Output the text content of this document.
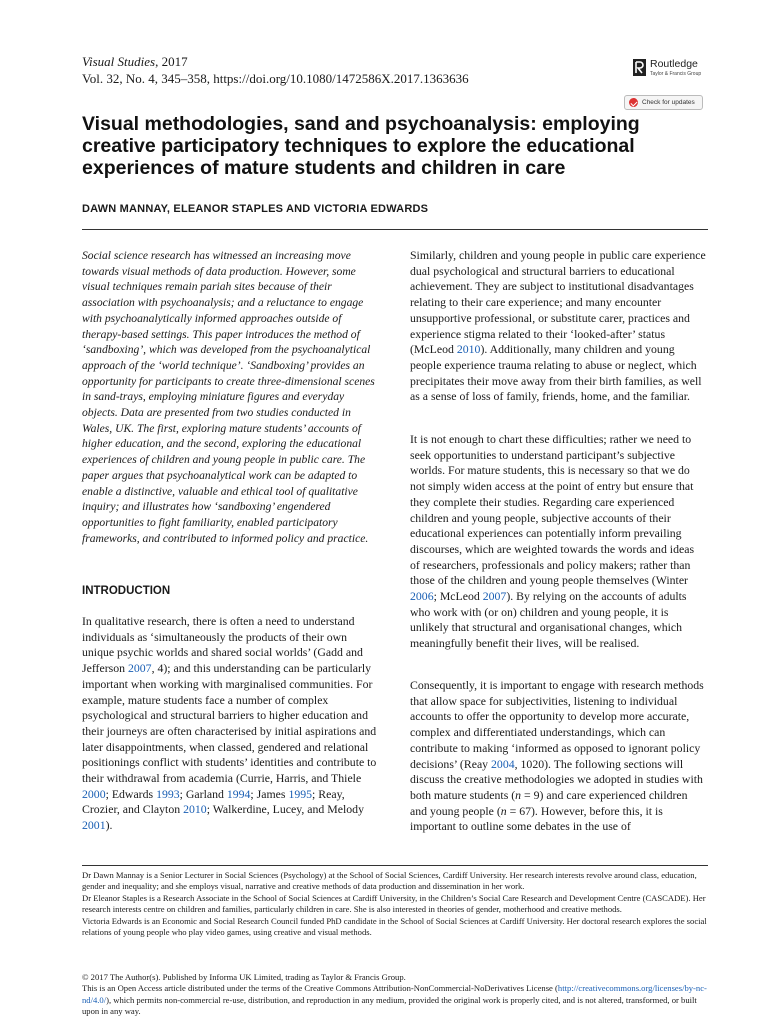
Visual Studies, 2017
Vol. 32, No. 4, 345–358, https://doi.org/10.1080/1472586X.2017.1363636
Routledge
Taylor & Francis Group
Check for updates
Visual methodologies, sand and psychoanalysis: employing creative participatory techniques to explore the educational experiences of mature students and children in care
DAWN MANNAY, ELEANOR STAPLES AND VICTORIA EDWARDS
Social science research has witnessed an increasing move towards visual methods of data production. However, some visual techniques remain pariah sites because of their association with psychoanalysis; and a reluctance to engage with psychoanalytically informed approaches outside of therapy-based settings. This paper introduces the method of ‘sandboxing’, which was developed from the psychoanalytical approach of the ‘world technique’. ‘Sandboxing’ provides an opportunity for participants to create three-dimensional scenes in sand-trays, employing miniature figures and everyday objects. Data are presented from two studies conducted in Wales, UK. The first, exploring mature students’ accounts of higher education, and the second, exploring the educational experiences of children and young people in public care. The paper argues that psychoanalytical work can be adapted to enable a distinctive, valuable and ethical tool of qualitative inquiry; and illustrates how ‘sandboxing’ engendered opportunities to fight familiarity, enabled participatory frameworks, and contributed to informed policy and practice.
INTRODUCTION
In qualitative research, there is often a need to understand individuals as ‘simultaneously the products of their own unique psychic worlds and shared social worlds’ (Gadd and Jefferson 2007, 4); and this understanding can be particularly important when working with marginalised communities. For example, mature students face a number of complex psychological and structural barriers to higher education and their journeys are often characterised by initial aspirations and later disappointments, when classed, gendered and relational positionings conflict with students’ identities and contribute to their withdrawal from academia (Currie, Harris, and Thiele 2000; Edwards 1993; Garland 1994; James 1995; Reay, Crozier, and Clayton 2010; Walkerdine, Lucey, and Melody 2001).
Similarly, children and young people in public care experience dual psychological and structural barriers to educational achievement. They are subject to institutional disadvantages relating to their care experience; and many encounter unsupportive professional, or substitute carer, practices and experience stigma related to their ‘looked-after’ status (McLeod 2010). Additionally, many children and young people experience trauma relating to abuse or neglect, which precipitates their move away from their birth families, as well as a sense of loss of family, friends, home, and the familiar.
It is not enough to chart these difficulties; rather we need to seek opportunities to understand participant’s subjective worlds. For mature students, this is necessary so that we do not simply widen access at the point of entry but ensure that they complete their studies. Regarding care experienced children and young people, subjective accounts of their educational experiences can potentially inform prevailing discourses, which are weighted towards the words and ideas of researchers, professionals and policy makers; rather than those of the children and young people themselves (Winter 2006; McLeod 2007). By relying on the accounts of adults who work with (or on) children and young people, it is unlikely that structural and organisational changes, which meaningfully benefit their lives, will be realised.
Consequently, it is important to engage with research methods that allow space for subjectivities, listening to individual accounts to offer the opportunity to develop more accurate, complex and differentiated understandings, which can contribute to making ‘informed as opposed to ignorant policy decisions’ (Reay 2004, 1020). The following sections will discuss the creative methodologies we adopted in studies with both mature students (n = 9) and care experienced children and young people (n = 67). However, before this, it is important to outline some debates in the use of

Dr Dawn Mannay is a Senior Lecturer in Social Sciences (Psychology) at the School of Social Sciences, Cardiff University. Her research interests revolve around class, education, gender and inequality; and she employs visual, narrative and creative methods of data production and dissemination in her work.

Dr Eleanor Staples is a Research Associate in the School of Social Sciences at Cardiff University, in the Children’s Social Care Research and Development Centre (CASCADE). Her research interests centre on children and families, particularly children in care. She is also interested in theories of gender, motherhood and creative methods.

Victoria Edwards is an Economic and Social Research Council funded PhD candidate in the School of Social Sciences at Cardiff University. Her doctoral research explores the social relations of young people who play video games, using creative and visual methods.

© 2017 The Author(s). Published by Informa UK Limited, trading as Taylor & Francis Group.

This is an Open Access article distributed under the terms of the Creative Commons Attribution-NonCommercial-NoDerivatives License (http://creativecommons.org/licenses/by-nc-nd/4.0/), which permits non-commercial re-use, distribution, and reproduction in any medium, provided the original work is properly cited, and is not altered, transformed, or built upon in any way.
